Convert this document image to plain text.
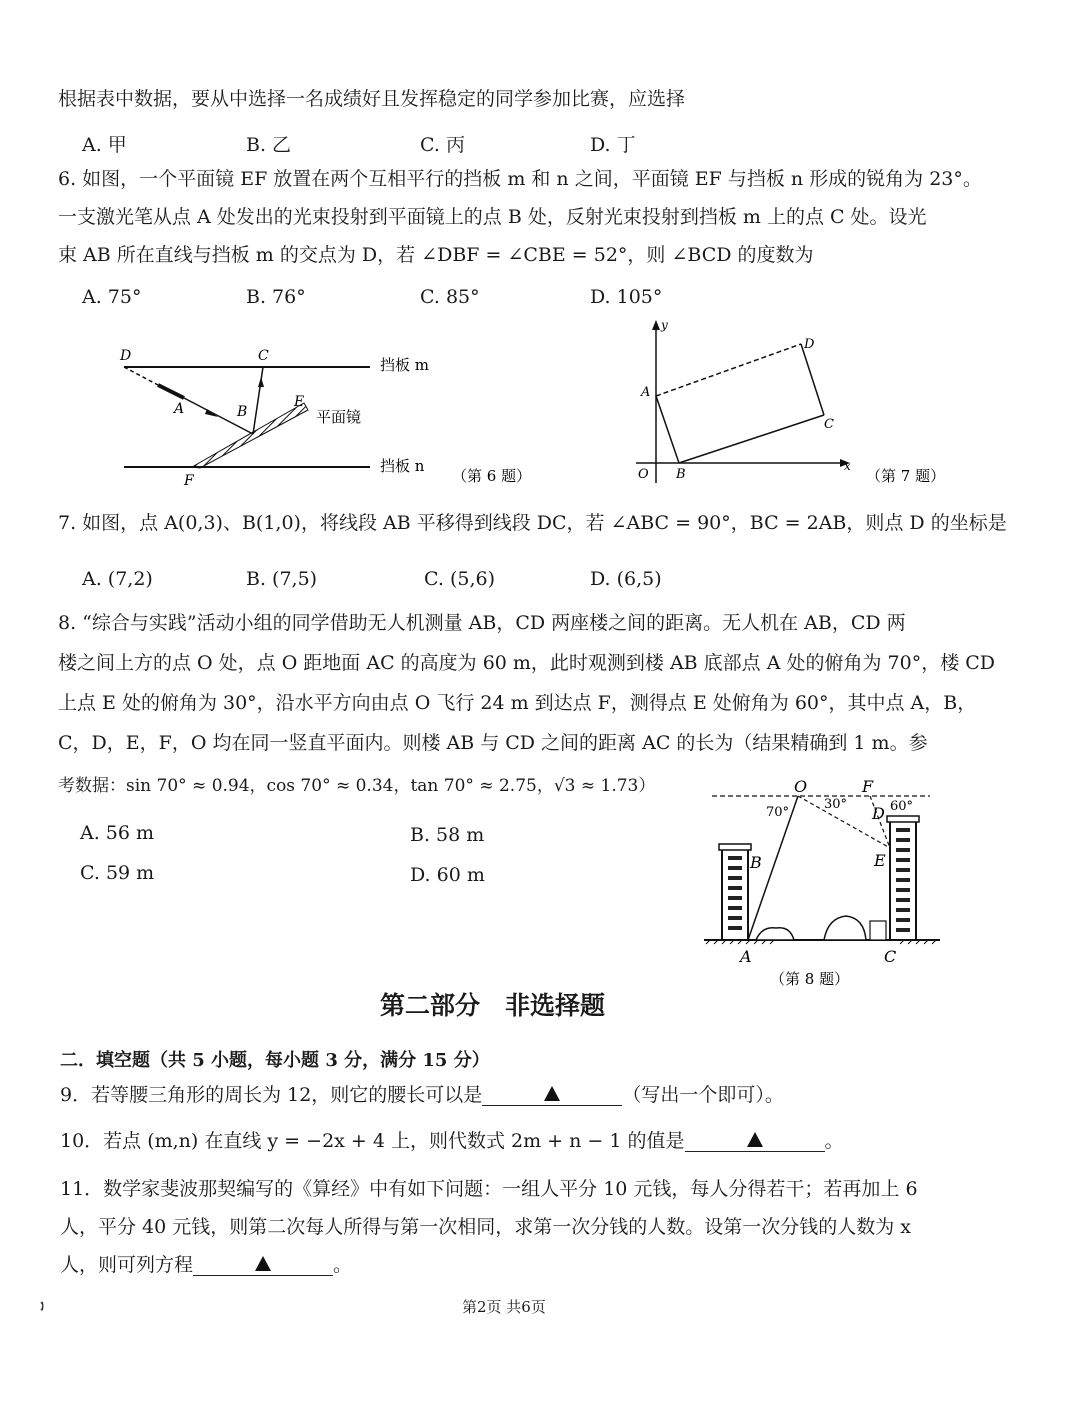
根据表中数据，要从中选择一名成绩好且发挥稳定的同学参加比赛，应选择
A. 甲	B. 乙	C. 丙	D. 丁
6. 如图，一个平面镜 EF 放置在两个互相平行的挡板 m 和 n 之间，平面镜 EF 与挡板 n 形成的锐角为 23°。
一支激光笔从点 A 处发出的光束投射到平面镜上的点 B 处，反射光束投射到挡板 m 上的点 C 处。设光
束 AB 所在直线与挡板 m 的交点为 D，若 ∠DBF = ∠CBE = 52°，则 ∠BCD 的度数为
A. 75°	B. 76°	C. 85°	D. 105°
D	C
A	B
E
F
挡板 m
挡板 n
平面镜
（第 6 题）
y
x
O
A
B
C
D
（第 7 题）
7. 如图，点 A(0,3)、B(1,0)，将线段 AB 平移得到线段 DC，若 ∠ABC = 90°，BC = 2AB，则点 D 的坐标是
A. (7,2)	B. (7,5)	C. (5,6)	D. (6,5)
8. “综合与实践”活动小组的同学借助无人机测量 AB，CD 两座楼之间的距离。无人机在 AB，CD 两
楼之间上方的点 O 处，点 O 距地面 AC 的高度为 60 m，此时观测到楼 AB 底部点 A 处的俯角为 70°，楼 CD
上点 E 处的俯角为 30°，沿水平方向由点 O 飞行 24 m 到达点 F，测得点 E 处俯角为 60°，其中点 A，B，
C，D，E，F，O 均在同一竖直平面内。则楼 AB 与 CD 之间的距离 AC 的长为（结果精确到 1 m。参
考数据：sin 70° ≈ 0.94，cos 70° ≈ 0.34，tan 70° ≈ 2.75，√3 ≈ 1.73）
A. 56 m	B. 58 m
C. 59 m	D. 60 m
O	F
D
70°
30°	60°
B	E
A	C
（第 8 题）
第二部分　非选择题
二．填空题（共 5 小题，每小题 3 分，满分 15 分）
9．若等腰三角形的周长为 12，则它的腰长可以是	（写出一个即可）。
10．若点 (m,n) 在直线 y = −2x + 4 上，则代数式 2m + n − 1 的值是	。
11．数学家斐波那契编写的《算经》中有如下问题：一组人平分 10 元钱，每人分得若干；若再加上 6
人，平分 40 元钱，则第二次每人所得与第一次相同，求第一次分钱的人数。设第一次分钱的人数为 x
人，则可列方程	。
🕽	第2页 共6页
